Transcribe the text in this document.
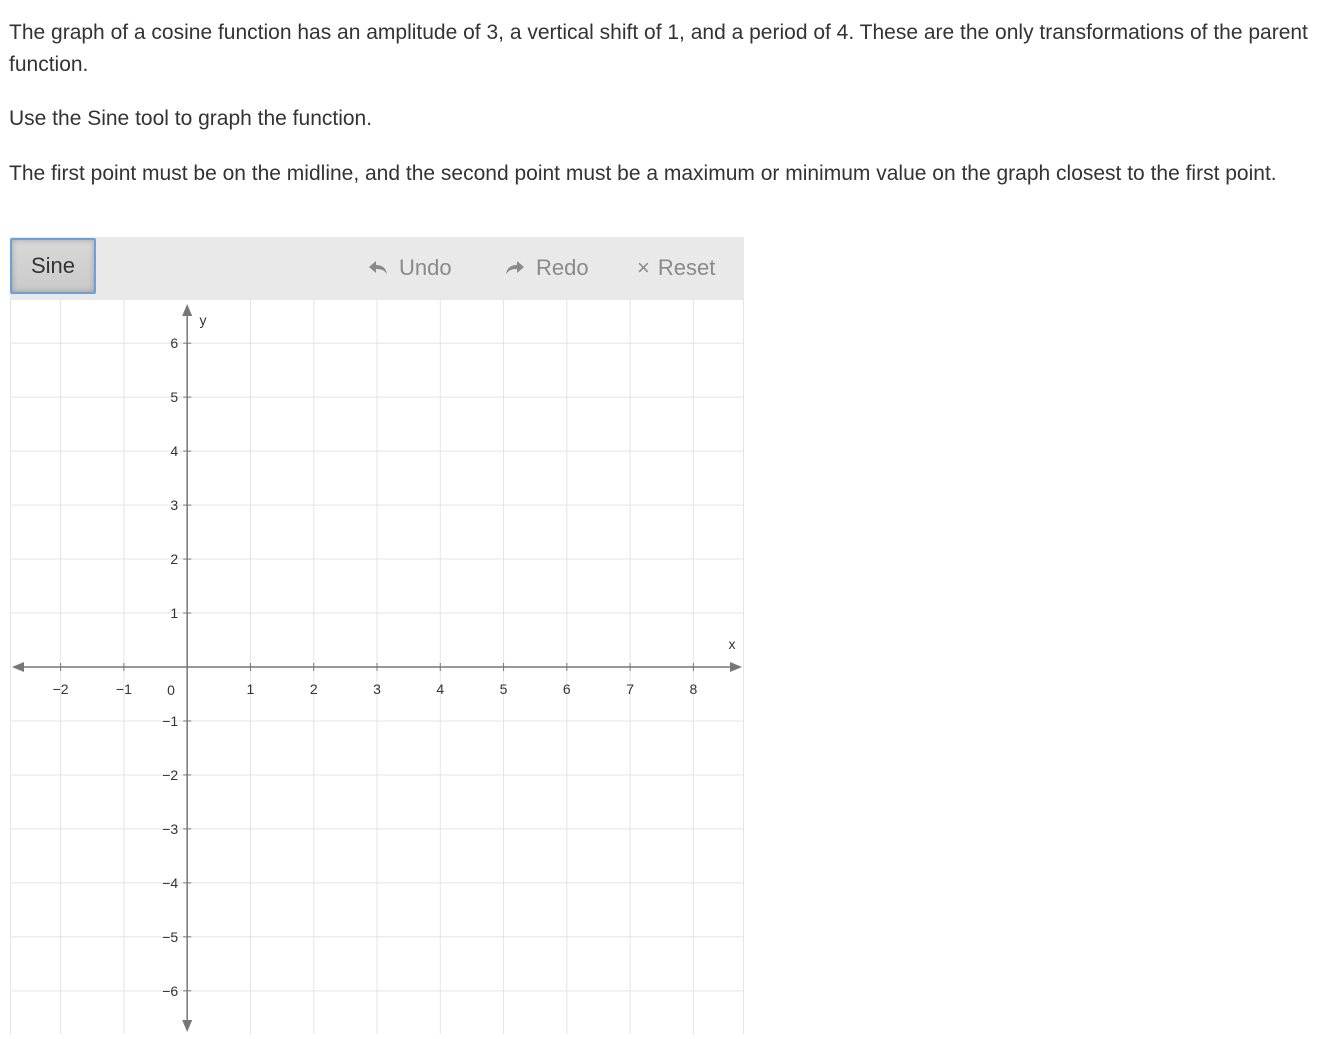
The graph of a cosine function has an amplitude of 3, a vertical shift of 1, and a period of 4. These are the only transformations of the parent function.

Use the Sine tool to graph the function.

The first point must be on the midline, and the second point must be a maximum or minimum value on the graph closest to the first point.

Sine	Undo	Redo × Reset
−2	−1	1	2	3	4	5	6	7	8
6
5
4
3
2
1
−1
−2
−3
−4
−5
−6
x
y
0
